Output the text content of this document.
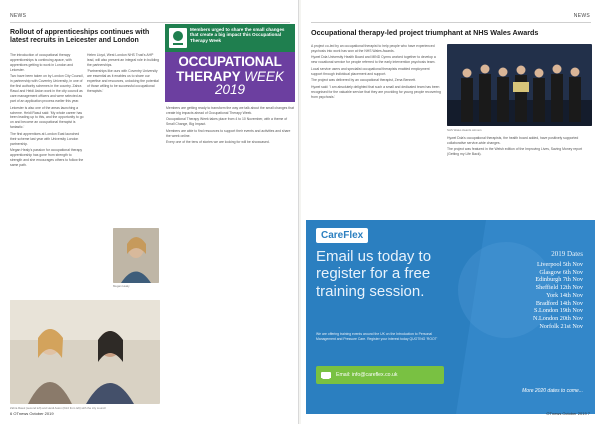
NEWS
Rollout of apprenticeships continues with latest recruits in Leicester and London

The introduction of occupational therapy apprenticeships is continuing apace, with apprentices getting to work in London and Leicester.

Two have been taken on by London City Council, in partnership with Coventry University, in one of the first authority schemes in the country. Zahra Rasul and Heidi Aston work in the city council as care management officers and were selected as part of an application process earlier this year.

Leicester is also one of the areas launching a scheme. Heidi Rasul said: 'My whole career has been leading up to this, and the opportunity to go on and become an occupational therapist is fantastic.'

The first apprentices at London East launched their scheme last year with University London partnership.

Megan Healy's passion for occupational therapy apprenticeship has gone from strength to strength and she encourages others to follow the same path.

Helen Lloyd, West London NHS Trust's AHP lead, will also present an integral role in building the partnerships.

'Partnerships like ours with Coventry University are essential as it enables us to share our expertise and resources, unlocking the potential of those willing to be successful occupational therapists.'

Megan Healy
Zahra Rasul (second left) and Heidi Aston (third from left) with the city council
Members urged to share the small changes that create a big impact this Occupational Therapy Week
OCCUPATIONAL
THERAPY WEEK 2019

Members are getting ready to transform the way we talk about the small changes that create big impacts ahead of Occupational Therapy Week.

Occupational Therapy Week takes place from 4 to 10 November, with a theme of Small Change, Big Impact.

Members are able to find resources to support their events and activities and share the week online.

Every one of the tens of stories we are looking for will be showcased.

6 OTnews October 2019
NEWS
Occupational therapy-led project triumphant at NHS Wales Awards

A project co-led by an occupational therapist to help people who have experienced psychosis into work has won at the NHS Wales Awards.

Hywel Dda University Health Board and MIND Cymru worked together to develop a new vocational service for people referred to the early intervention psychosis team.

Local service users and specialist occupational therapists enabled employment support through individual placement and support.

The project was delivered by an occupational therapist, Zena Bennett.

Hywel said: 'I am absolutely delighted that such a small and dedicated team has been recognised for the valuable service that they are providing for young people recovering from psychosis.'

NHS Wales Awards winners

Hywel Dda's occupational therapists, the health board added, have positively supported collaborative service-wide changes.

The project was featured in the Welsh edition of the Improving Lives, Saving Money report (Getting my Life Back).

CareFlex
Email us today to register for a free training session.
We are offering training events around the UK on the Introduction to Personal Management and Pressure Care. Register your interest today QUOTING 'ROOT'
Email: info@careflex.co.uk
2019 Dates
Liverpool 5th Nov
Glasgow 6th Nov
Edinburgh 7th Nov
Sheffield 12th Nov
York 14th Nov
Bradford 14th Nov
S.London 19th Nov
N.London 20th Nov
Norfolk 21st Nov
More 2020 dates to come...
OTnews October 2019 7
